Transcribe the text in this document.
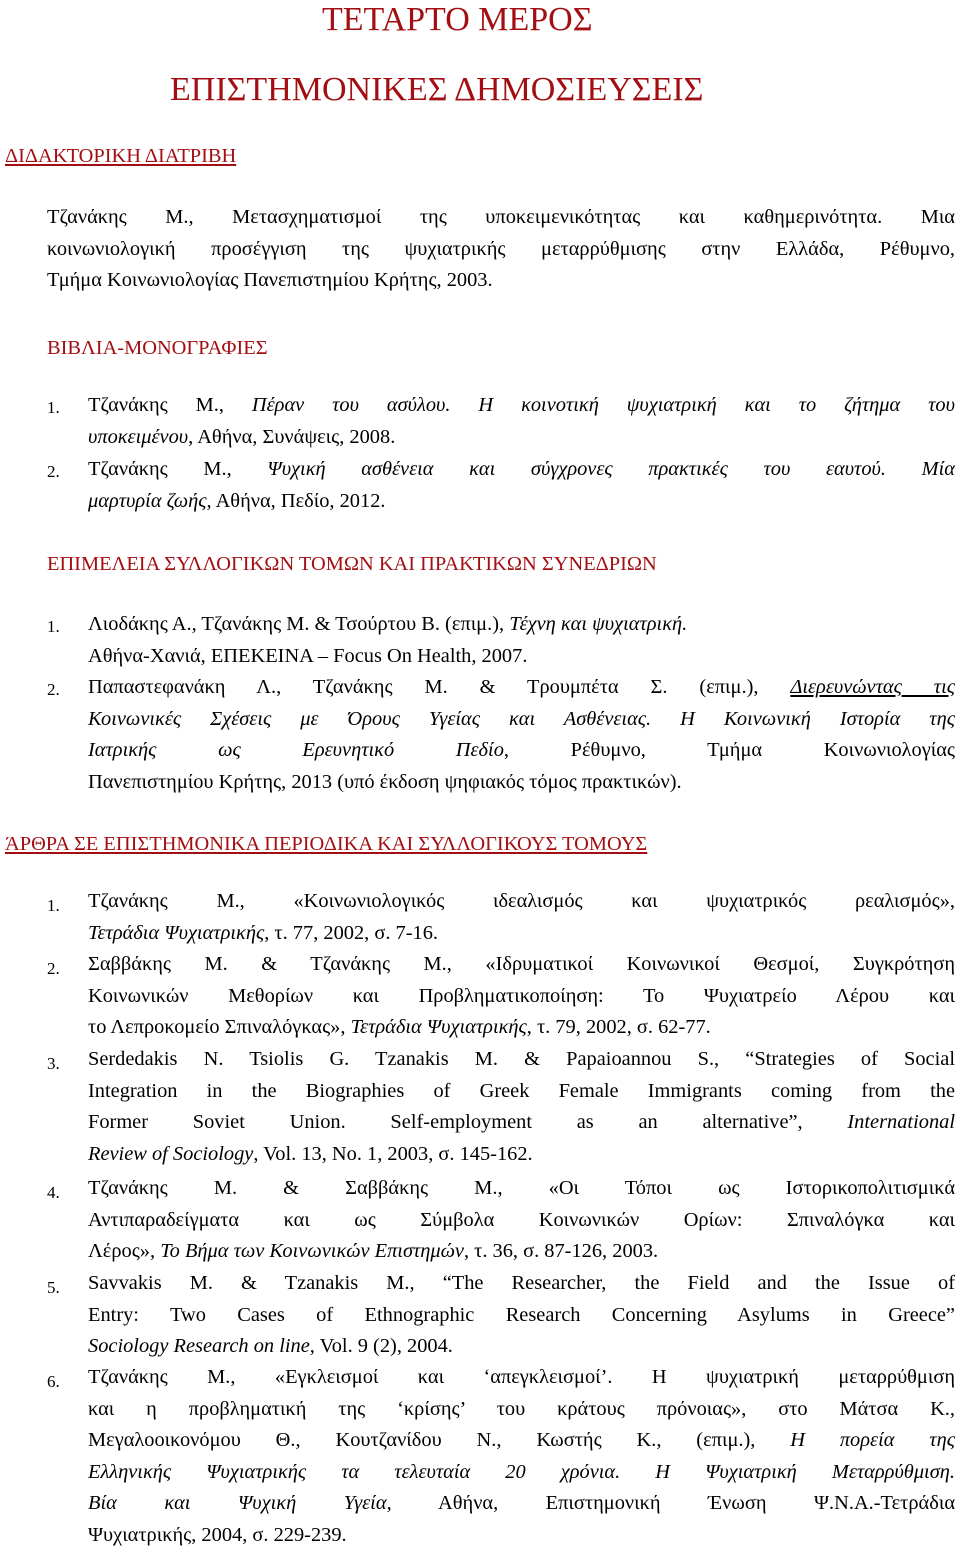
ΤΕΤΑΡΤΟ ΜΕΡΟΣ
ΕΠΙΣΤΗΜΟΝΙΚΕΣ ΔΗΜΟΣΙΕΥΣΕΙΣ
ΔΙΔΑΚΤΟΡΙΚΗ ΔΙΑΤΡΙΒΗ
Τζανάκης Μ., Μετασχηματισμοί της υποκειμενικότητας και καθημερινότητα. Μια
κοινωνιολογική προσέγγιση της ψυχιατρικής μεταρρύθμισης στην Ελλάδα, Ρέθυμνο,
Τμήμα Κοινωνιολογίας Πανεπιστημίου Κρήτης, 2003.
ΒΙΒΛΙΑ-ΜΟΝΟΓΡΑΦΙΕΣ
1. Τζανάκης Μ., Πέραν του ασύλου. Η κοινοτική ψυχιατρική και το ζήτημα του
υποκειμένου, Αθήνα, Συνάψεις, 2008.
2. Τζανάκης Μ., Ψυχική ασθένεια και σύγχρονες πρακτικές του εαυτού. Μία
μαρτυρία ζωής, Αθήνα, Πεδίο, 2012.
ΕΠΙΜΕΛΕΙΑ ΣΥΛΛΟΓΙΚΩΝ ΤΟΜΩΝ ΚΑΙ ΠΡΑΚΤΙΚΩΝ ΣΥΝΕΔΡΙΩΝ
1. Λιοδάκης Α., Τζανάκης Μ. & Τσούρτου Β. (επιμ.), Τέχνη και ψυχιατρική.
Αθήνα-Χανιά, ΕΠΕΚΕΙΝΑ – Focus On Health, 2007.
2. Παπαστεφανάκη Λ., Τζανάκης Μ. & Τρουμπέτα Σ. (επιμ.), Διερευνώντας τις
Κοινωνικές Σχέσεις με Όρους Υγείας και Ασθένειας. Η Κοινωνική Ιστορία της
Ιατρικής ως Ερευνητικό Πεδίο, Ρέθυμνο, Τμήμα Κοινωνιολογίας
Πανεπιστημίου Κρήτης, 2013 (υπό έκδοση ψηφιακός τόμος πρακτικών).
ΆΡΘΡΑ ΣΕ ΕΠΙΣΤΗΜΟΝΙΚΑ ΠΕΡΙΟΔΙΚΑ ΚΑΙ ΣΥΛΛΟΓΙΚΟΥΣ ΤΟΜΟΥΣ
1. Τζανάκης Μ., «Κοινωνιολογικός ιδεαλισμός και ψυχιατρικός ρεαλισμός»,
Τετράδια Ψυχιατρικής, τ. 77, 2002, σ. 7-16.
2. Σαββάκης Μ. & Τζανάκης Μ., «Ιδρυματικοί Κοινωνικοί Θεσμοί, Συγκρότηση
Κοινωνικών Μεθορίων και Προβληματικοποίηση: Το Ψυχιατρείο Λέρου και
το Λεπροκομείο Σπιναλόγκας», Τετράδια Ψυχιατρικής, τ. 79, 2002, σ. 62-77.
3. Serdedakis N. Tsiolis G. Tzanakis M. & Papaioannou S., “Strategies of Social
Integration in the Biographies of Greek Female Immigrants coming from the
Former Soviet Union. Self-employment as an alternative”, International
Review of Sociology, Vol. 13, No. 1, 2003, σ. 145-162.
4. Τζανάκης Μ. & Σαββάκης Μ., «Οι Τόποι ως Ιστορικοπολιτισμικά
Αντιπαραδείγματα και ως Σύμβολα Κοινωνικών Ορίων: Σπιναλόγκα και
Λέρος», Το Βήμα των Κοινωνικών Επιστημών, τ. 36, σ. 87-126, 2003.
5. Savvakis M. & Tzanakis M., “The Researcher, the Field and the Issue of
Entry: Two Cases of Ethnographic Research Concerning Asylums in Greece”
Sociology Research on line, Vol. 9 (2), 2004.
6. Τζανάκης Μ., «Εγκλεισμοί και ‘απεγκλεισμοί’. Η ψυχιατρική μεταρρύθμιση
και η προβληματική της ‘κρίσης’ του κράτους πρόνοιας», στο Μάτσα Κ.,
Μεγαλοοικονόμου Θ., Κουτζανίδου Ν., Κωστής Κ., (επιμ.), Η πορεία της
Ελληνικής Ψυχιατρικής τα τελευταία 20 χρόνια. Η Ψυχιατρική Μεταρρύθμιση.
Βία και Ψυχική Υγεία, Αθήνα, Επιστημονική Ένωση Ψ.Ν.Α.-Τετράδια
Ψυχιατρικής, 2004, σ. 229-239.
